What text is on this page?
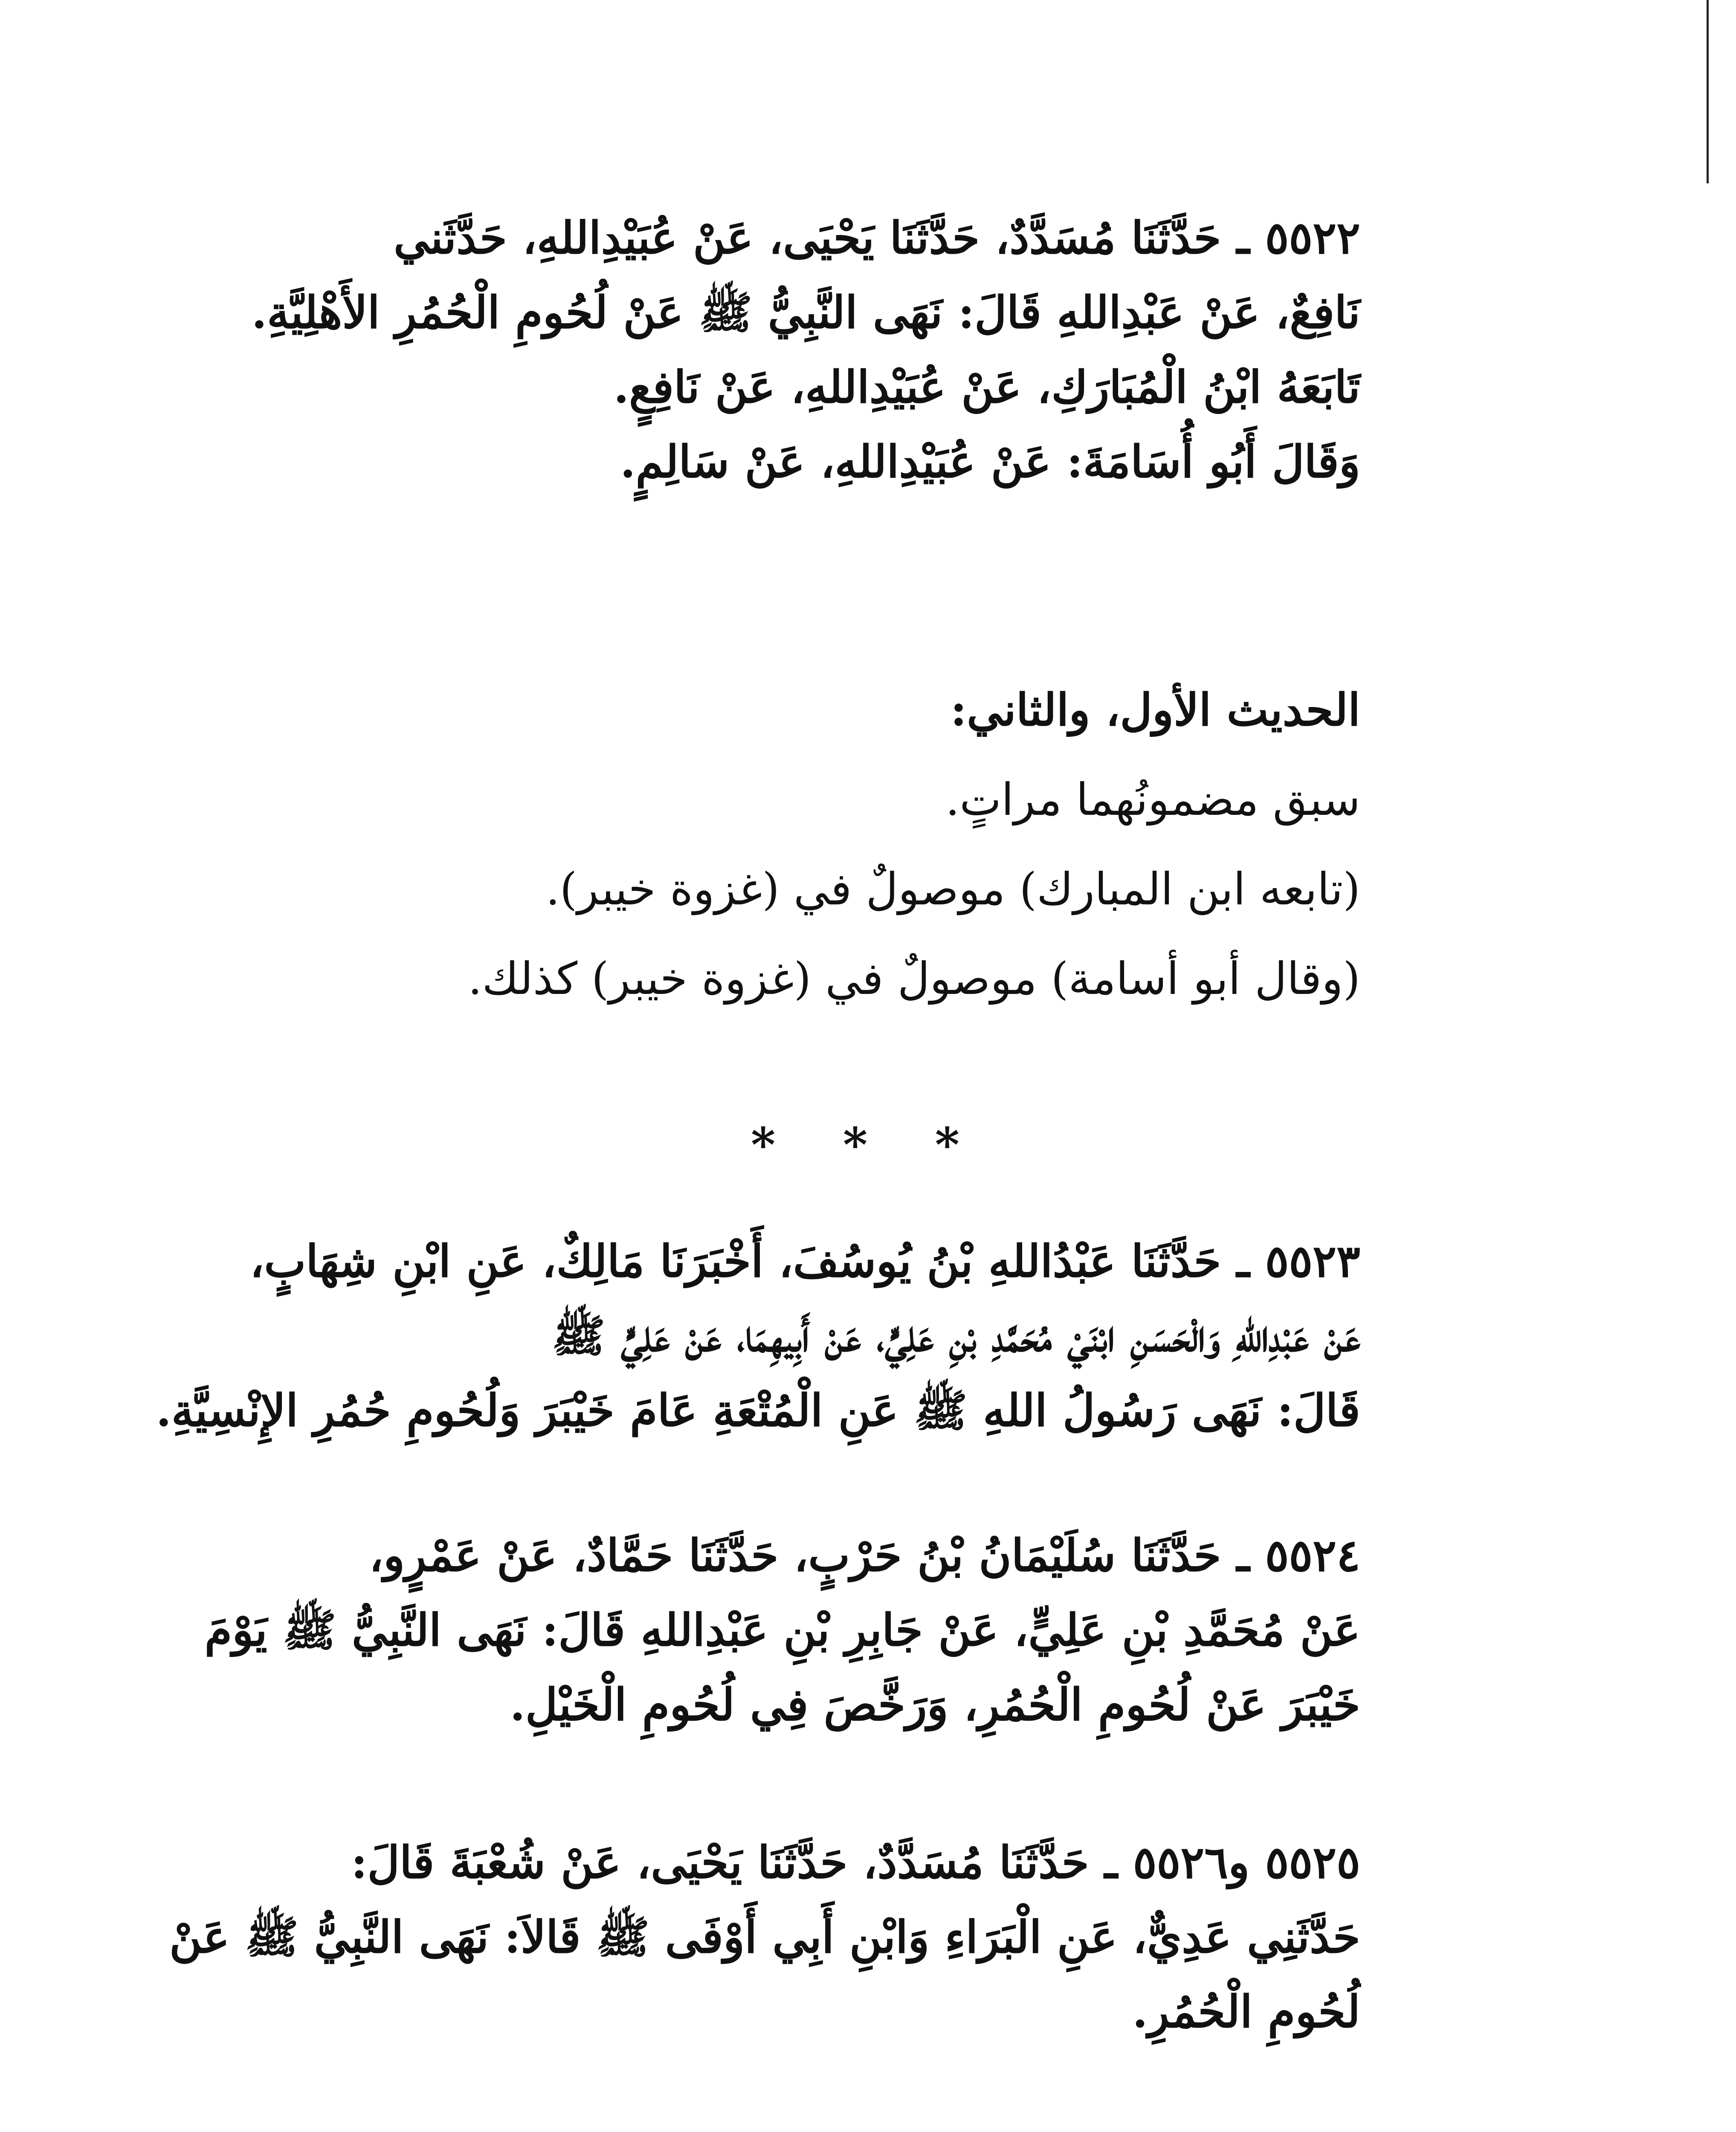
٥٥٢٢ ـ حَدَّثَنَا مُسَدَّدٌ، حَدَّثَنَا يَحْيَى، عَنْ عُبَيْدِاللهِ، حَدَّثَني
نَافِعٌ، عَنْ عَبْدِاللهِ قَالَ: نَهَى النَّبِيُّ ﷺ عَنْ لُحُومِ الْحُمُرِ الأَهْلِيَّةِ.
تَابَعَهُ ابْنُ الْمُبَارَكِ، عَنْ عُبَيْدِاللهِ، عَنْ نَافِعٍ.
وَقَالَ أَبُو أُسَامَةَ: عَنْ عُبَيْدِاللهِ، عَنْ سَالِمٍ.
الحديث الأول، والثاني:
سبق مضمونُهما مراتٍ.
(تابعه ابن المبارك) موصولٌ في (غزوة خيبر).
(وقال أبو أسامة) موصولٌ في (غزوة خيبر) كذلك.
* * *
٥٥٢٣ ـ حَدَّثَنَا عَبْدُاللهِ بْنُ يُوسُفَ، أَخْبَرَنَا مَالِكٌ، عَنِ ابْنِ شِهَابٍ،
عَنْ عَبْدِاللهِ وَالْحَسَنِ ابْنَيْ مُحَمَّدِ بْنِ عَلِيٍّ، عَنْ أَبِيهِمَا، عَنْ عَلِيٍّ ﷺ
قَالَ: نَهَى رَسُولُ اللهِ ﷺ عَنِ الْمُتْعَةِ عَامَ خَيْبَرَ وَلُحُومِ حُمُرِ الإِنْسِيَّةِ.
٥٥٢٤ ـ حَدَّثَنَا سُلَيْمَانُ بْنُ حَرْبٍ، حَدَّثَنَا حَمَّادٌ، عَنْ عَمْرٍو،
عَنْ مُحَمَّدِ بْنِ عَلِيٍّ، عَنْ جَابِرِ بْنِ عَبْدِاللهِ قَالَ: نَهَى النَّبِيُّ ﷺ يَوْمَ
خَيْبَرَ عَنْ لُحُومِ الْحُمُرِ، وَرَخَّصَ فِي لُحُومِ الْخَيْلِ.
٥٥٢٥ و٥٥٢٦ ـ حَدَّثَنَا مُسَدَّدٌ، حَدَّثَنَا يَحْيَى، عَنْ شُعْبَةَ قَالَ:
حَدَّثَنِي عَدِيٌّ، عَنِ الْبَرَاءِ وَابْنِ أَبِي أَوْفَى ﷺ قَالاَ: نَهَى النَّبِيُّ ﷺ عَنْ
لُحُومِ الْحُمُرِ.
